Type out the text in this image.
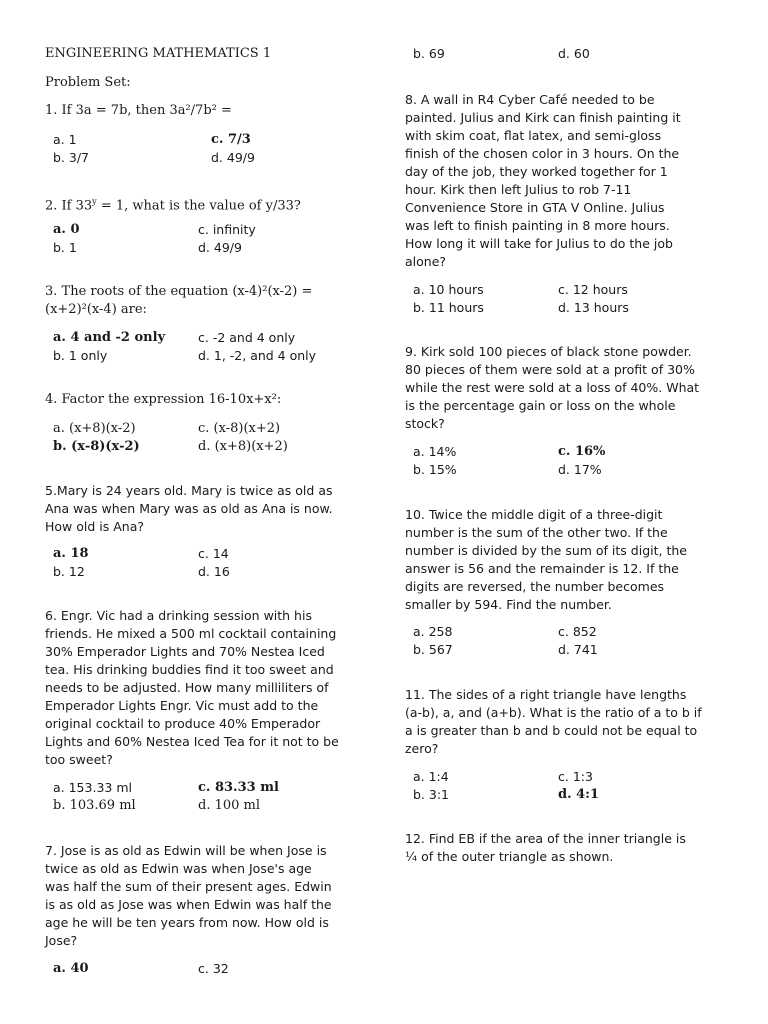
ENGINEERING MATHEMATICS 1
Problem Set:
1. If 3a = 7b, then 3a²/7b² =
a. 1	c. 7/3
b. 3/7	d. 49/9
2. If $33^y = 1$, what is the value of y/33?
a. 0	c. infinity
b. 1	d. 49/9
3. The roots of the equation (x-4)²(x-2) =
(x+2)²(x-4) are:
a. 4 and -2 only	c. -2 and 4 only
b. 1 only	d. 1, -2, and 4 only
4. Factor the expression 16-10x+x²:
a. (x+8)(x-2)	c. (x-8)(x+2)
b. (x-8)(x-2)	d. (x+8)(x+2)
5.Mary is 24 years old. Mary is twice as old as
Ana was when Mary was as old as Ana is now.
How old is Ana?
a. 18	c. 14
b. 12	d. 16
6. Engr. Vic had a drinking session with his
friends. He mixed a 500 ml cocktail containing
30% Emperador Lights and 70% Nestea Iced
tea. His drinking buddies find it too sweet and
needs to be adjusted. How many milliliters of
Emperador Lights Engr. Vic must add to the
original cocktail to produce 40% Emperador
Lights and 60% Nestea Iced Tea for it not to be
too sweet?
a. 153.33 ml	c. 83.33 ml
b. 103.69 ml	d. 100 ml
7. Jose is as old as Edwin will be when Jose is
twice as old as Edwin was when Jose's age
was half the sum of their present ages. Edwin
is as old as Jose was when Edwin was half the
age he will be ten years from now. How old is
Jose?
a. 40	c. 32
b. 69	d. 60
8. A wall in R4 Cyber Café needed to be
painted. Julius and Kirk can finish painting it
with skim coat, flat latex, and semi-gloss
finish of the chosen color in 3 hours. On the
day of the job, they worked together for 1
hour. Kirk then left Julius to rob 7-11
Convenience Store in GTA V Online. Julius
was left to finish painting in 8 more hours.
How long it will take for Julius to do the job
alone?
a. 10 hours	c. 12 hours
b. 11 hours	d. 13 hours
9. Kirk sold 100 pieces of black stone powder.
80 pieces of them were sold at a profit of 30%
while the rest were sold at a loss of 40%. What
is the percentage gain or loss on the whole
stock?
a. 14%	c. 16%
b. 15%	d. 17%
10. Twice the middle digit of a three-digit
number is the sum of the other two. If the
number is divided by the sum of its digit, the
answer is 56 and the remainder is 12. If the
digits are reversed, the number becomes
smaller by 594. Find the number.
a. 258	c. 852
b. 567	d. 741
11. The sides of a right triangle have lengths
(a-b), a, and (a+b). What is the ratio of a to b if
a is greater than b and b could not be equal to
zero?
a. 1:4	c. 1:3
b. 3:1	d. 4:1
12. Find EB if the area of the inner triangle is
¼ of the outer triangle as shown.
